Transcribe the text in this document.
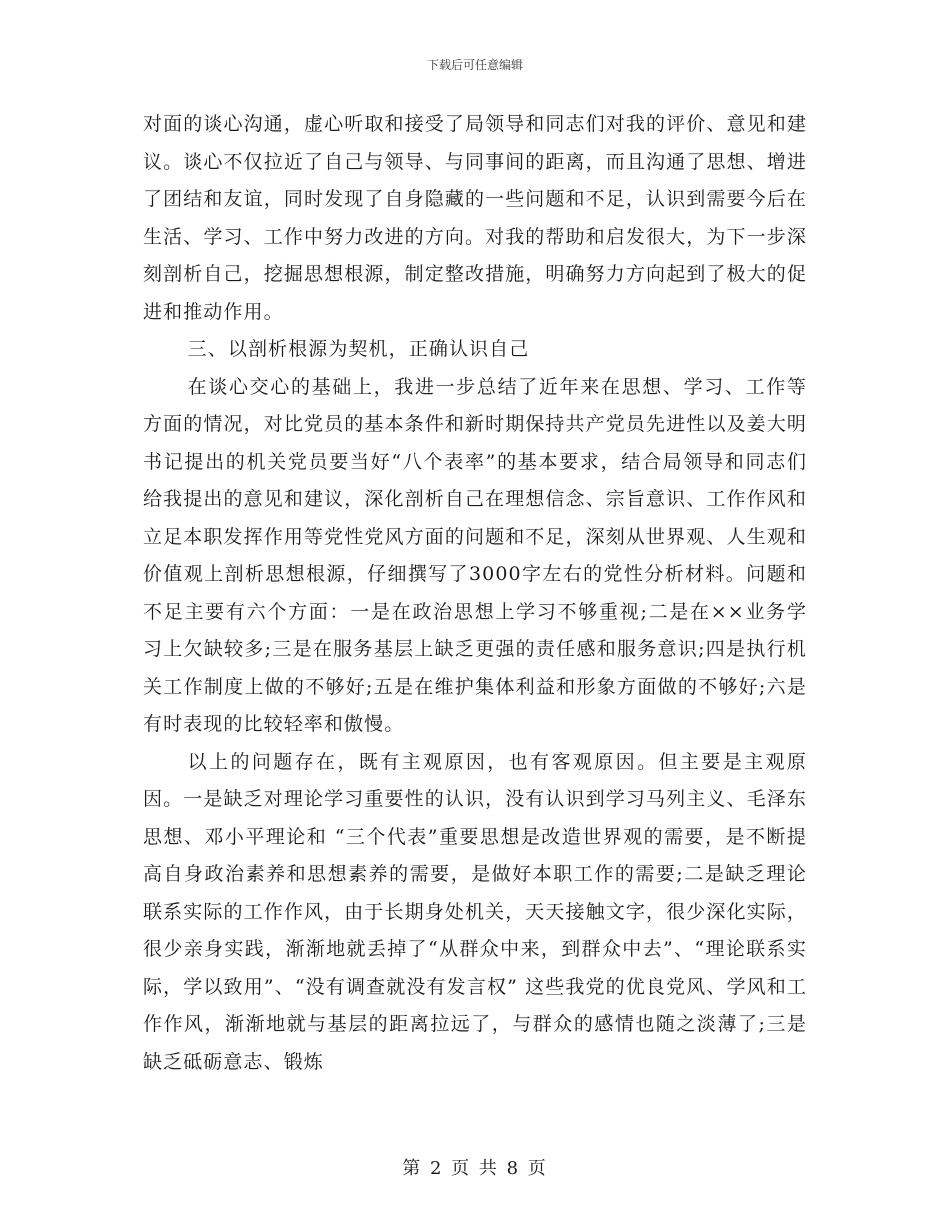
下载后可任意编辑

对面的谈心沟通，虚心听取和接受了局领导和同志们对我的评价、意见和建议。谈心不仅拉近了自己与领导、与同事间的距离，而且沟通了思想、增进了团结和友谊，同时发现了自身隐藏的一些问题和不足，认识到需要今后在生活、学习、工作中努力改进的方向。对我的帮助和启发很大，为下一步深刻剖析自己，挖掘思想根源，制定整改措施，明确努力方向起到了极大的促进和推动作用。

三、以剖析根源为契机，正确认识自己

在谈心交心的基础上，我进一步总结了近年来在思想、学习、工作等方面的情况，对比党员的基本条件和新时期保持共产党员先进性以及姜大明书记提出的机关党员要当好“八个表率”的基本要求，结合局领导和同志们给我提出的意见和建议，深化剖析自己在理想信念、宗旨意识、工作作风和立足本职发挥作用等党性党风方面的问题和不足，深刻从世界观、人生观和价值观上剖析思想根源，仔细撰写了3000字左右的党性分析材料。问题和不足主要有六个方面：一是在政治思想上学习不够重视;二是在××业务学习上欠缺较多;三是在服务基层上缺乏更强的责任感和服务意识;四是执行机关工作制度上做的不够好;五是在维护集体利益和形象方面做的不够好;六是有时表现的比较轻率和傲慢。

以上的问题存在，既有主观原因，也有客观原因。但主要是主观原因。一是缺乏对理论学习重要性的认识，没有认识到学习马列主义、毛泽东思想、邓小平理论和 “三个代表”重要思想是改造世界观的需要，是不断提高自身政治素养和思想素养的需要，是做好本职工作的需要;二是缺乏理论联系实际的工作作风，由于长期身处机关，天天接触文字，很少深化实际，很少亲身实践，渐渐地就丢掉了“从群众中来，到群众中去”、“理论联系实际，学以致用”、“没有调查就没有发言权” 这些我党的优良党风、学风和工作作风，渐渐地就与基层的距离拉远了，与群众的感情也随之淡薄了;三是缺乏砥砺意志、锻炼

第 2 页 共 8 页
